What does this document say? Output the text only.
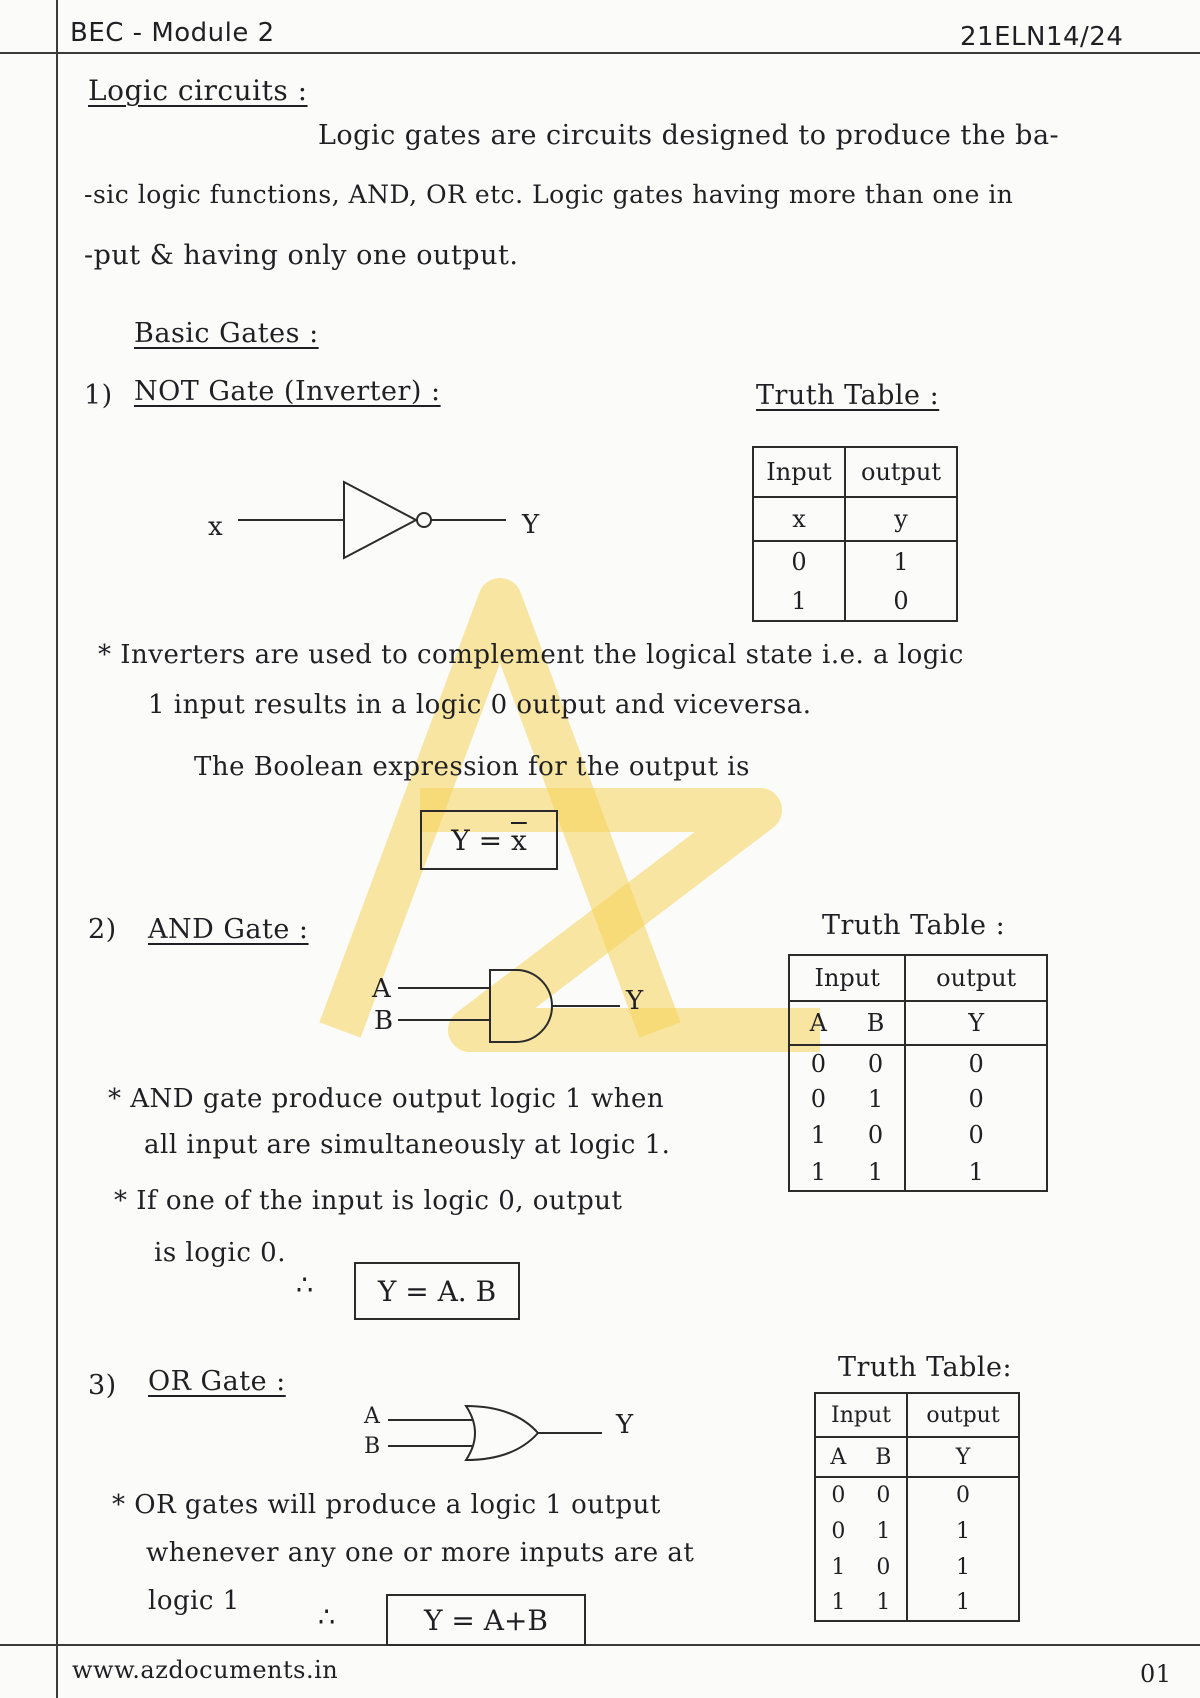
BEC - Module 2	21ELN14/24
Logic circuits :
Logic gates are circuits designed to produce the ba-
-sic logic functions, AND, OR etc. Logic gates having more than one in
-put & having only one output.
Basic Gates :
1) NOT Gate (Inverter) :	Truth Table :
x	Y
Input	output
x	y
0	1
1	0
* Inverters are used to complement the logical state i.e. a logic
1 input results in a logic 0 output and viceversa.
The Boolean expression for the output is
Y =
$\overline{x}$
2) AND Gate :	Truth Table :
A
B
Y
Input		output
A	B	Y
0	0	0
0	1	0
1	0	0
1	1	1
* AND gate produce output logic 1 when
all input are simultaneously at logic 1.
* If one of the input is logic 0, output
is logic 0.
∴	Y = A. B
3) OR Gate :	Truth Table:
A
B
Y	Input		output
A	B	Y
0	0	0
0	1	1
1	0	1
1	1	1
* OR gates will produce a logic 1 output
whenever any one or more inputs are at
logic 1
∴	Y = A+B
www.azdocuments.in	01
